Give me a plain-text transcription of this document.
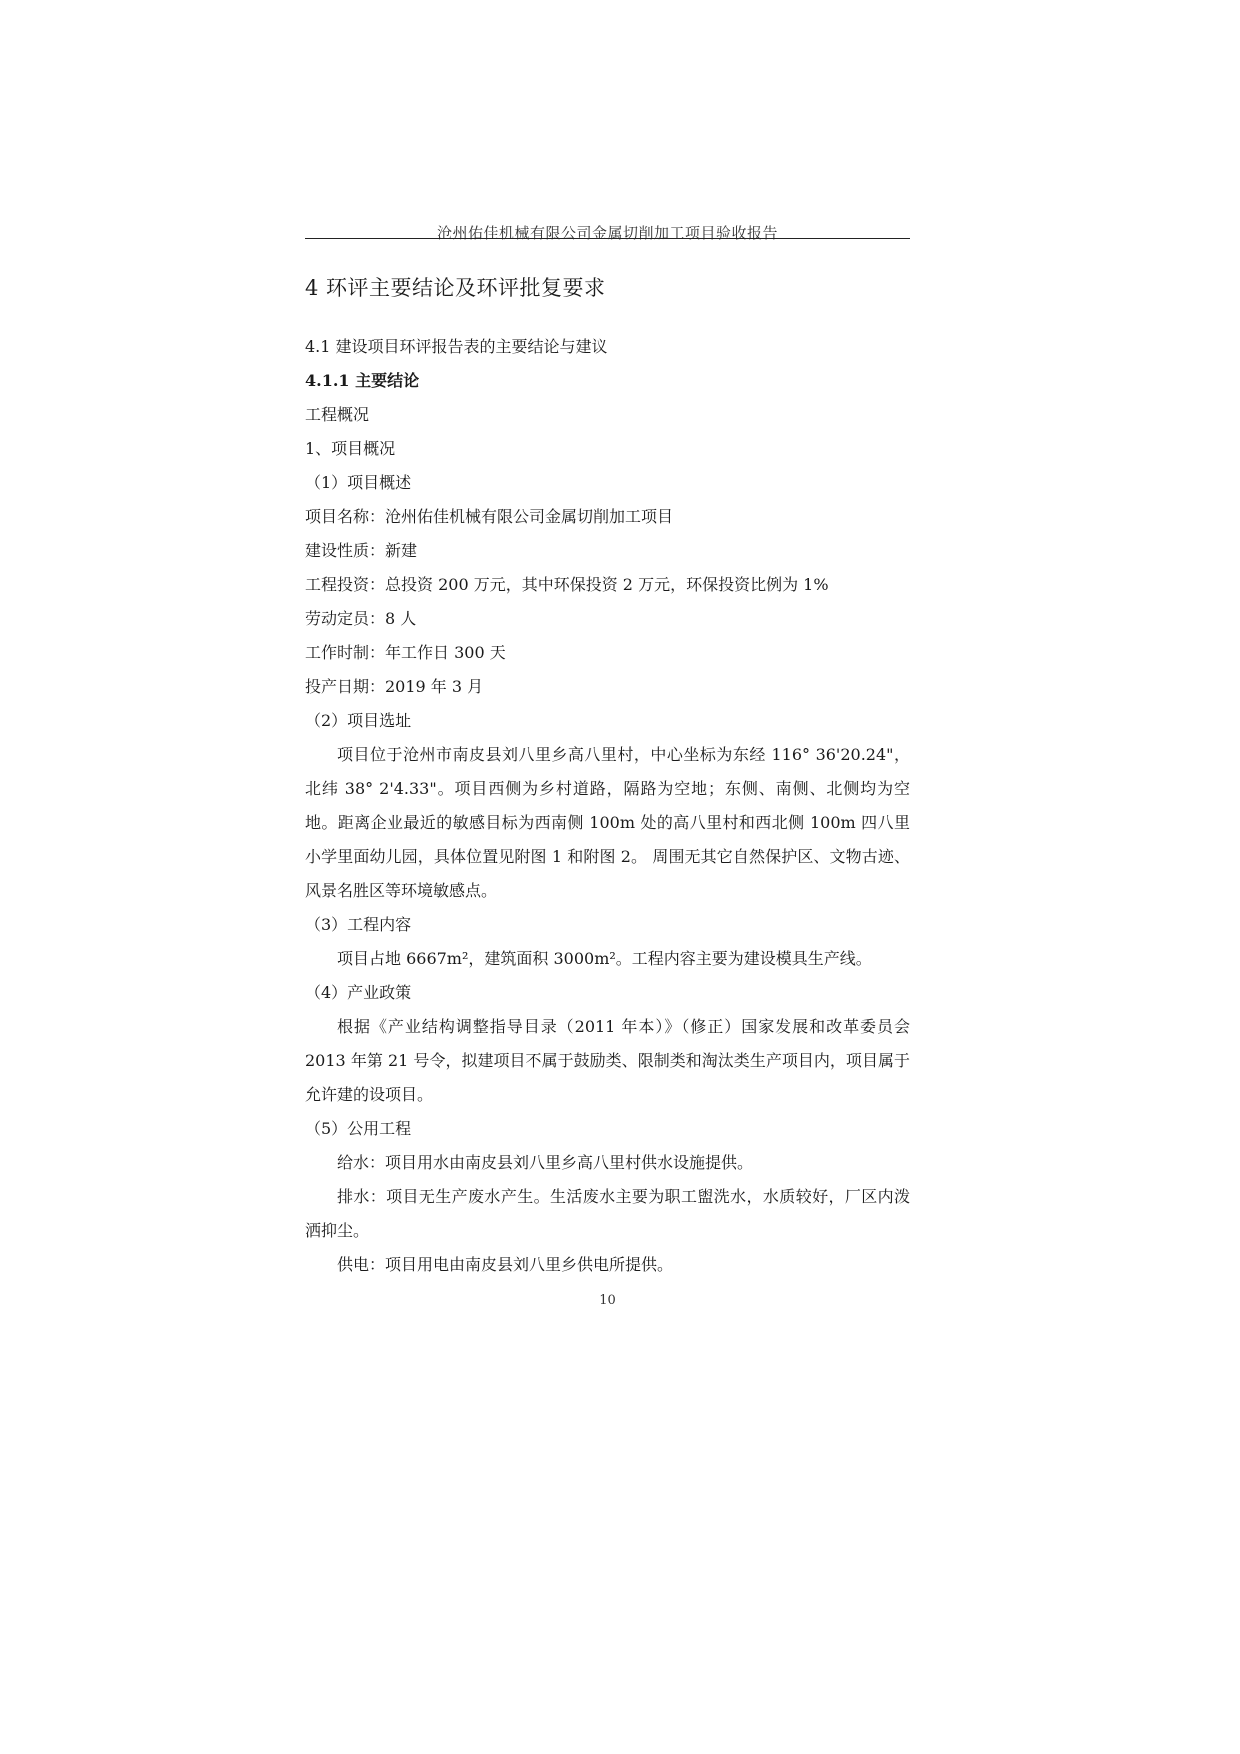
沧州佑佳机械有限公司金属切削加工项目验收报告
4 环评主要结论及环评批复要求
4.1 建设项目环评报告表的主要结论与建议
4.1.1 主要结论
工程概况
1、项目概况
（1）项目概述
项目名称：沧州佑佳机械有限公司金属切削加工项目
建设性质：新建
工程投资：总投资 200 万元，其中环保投资 2 万元，环保投资比例为 1%
劳动定员：8 人
工作时制：年工作日 300 天
投产日期：2019 年 3 月
（2）项目选址

项目位于沧州市南皮县刘八里乡高八里村，中心坐标为东经 116° 36'20.24"，北纬 38° 2'4.33"。项目西侧为乡村道路，隔路为空地；东侧、南侧、北侧均为空地。距离企业最近的敏感目标为西南侧 100m 处的高八里村和西北侧 100m 四八里小学里面幼儿园，具体位置见附图 1 和附图 2。 周围无其它自然保护区、文物古迹、风景名胜区等环境敏感点。

（3）工程内容

项目占地 6667m²，建筑面积 3000m²。工程内容主要为建设模具生产线。

（4）产业政策

根据《产业结构调整指导目录（2011 年本）》（修正）国家发展和改革委员会 2013 年第 21 号令，拟建项目不属于鼓励类、限制类和淘汰类生产项目内，项目属于允许建的设项目。

（5）公用工程

给水：项目用水由南皮县刘八里乡高八里村供水设施提供。

排水：项目无生产废水产生。生活废水主要为职工盥洗水，水质较好，厂区内泼洒抑尘。

供电：项目用电由南皮县刘八里乡供电所提供。

10
